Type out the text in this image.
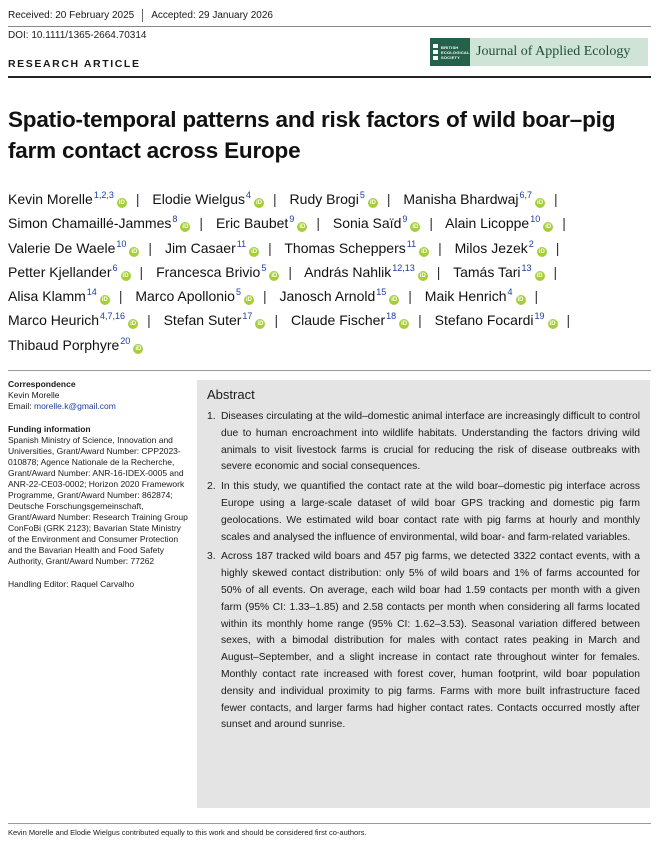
Received: 20 February 2025	Accepted: 29 January 2026
DOI: 10.1111/1365-2664.70314
BRITISH
ECOLOGICAL
SOCIETY	Journal of Applied Ecology
RESEARCH ARTICLE
Spatio-temporal patterns and risk factors of wild boar–pig farm contact across Europe
Kevin Morelle$^{1,2,3}$iD | Elodie Wielgus$^4$iD | Rudy Brogi$^5$iD | Manisha Bhardwaj$^{6,7}$iD | Simon Chamaillé-Jammes$^8$iD | Eric Baubet$^9$iD | Sonia Saïd$^9$iD | Alain Licoppe$^{10}$iD | Valerie De Waele$^{10}$iD | Jim Casaer$^{11}$iD | Thomas Scheppers$^{11}$iD | Milos Jezek$^2$iD | Petter Kjellander$^6$iD | Francesca Brivio$^5$iD | András Nahlik$^{12,13}$iD | Tamás Tari$^{13}$iD | Alisa Klamm$^{14}$iD | Marco Apollonio$^5$iD | Janosch Arnold$^{15}$iD | Maik Henrich$^4$iD | Marco Heurich$^{4,7,16}$iD | Stefan Suter$^{17}$iD | Claude Fischer$^{18}$iD | Stefano Focardi$^{19}$iD | Thibaud Porphyre$^{20}$iD
Correspondence
Kevin Morelle
Email: morelle.k@gmail.com
Funding information
Spanish Ministry of Science, Innovation and Universities, Grant/Award Number: CPP2023-010878; Agence Nationale de la Recherche, Grant/Award Number: ANR-16-IDEX-0005 and ANR-22-CE03-0002; Horizon 2020 Framework Programme, Grant/Award Number: 862874; Deutsche Forschungsgemeinschaft, Grant/Award Number: Research Training Group ConFoBi (GRK 2123); Bavarian State Ministry of the Environment and Consumer Protection and the Bavarian Health and Food Safety Authority, Grant/Award Number: 77262
Handling Editor: Raquel Carvalho
Abstract
1. Diseases circulating at the wild–domestic animal interface are increasingly difficult to control due to human encroachment into wildlife habitats. Understanding the factors driving wild animals to visit livestock farms is crucial for reducing the risk of disease outbreaks with severe economic and social consequences.
2. In this study, we quantified the contact rate at the wild boar–domestic pig interface across Europe using a large-scale dataset of wild boar GPS tracking and domestic pig farm geolocations. We estimated wild boar contact rate with pig farms at hourly and monthly scales and analysed the influence of environmental, wild boar- and farm-related variables.
3. Across 187 tracked wild boars and 457 pig farms, we detected 3322 contact events, with a highly skewed contact distribution: only 5% of wild boars and 1% of farms accounted for 50% of all events. On average, each wild boar had 1.59 contacts per month with a given farm (95% CI: 1.33–1.85) and 2.58 contacts per month when considering all farms located within its monthly home range (95% CI: 1.62–3.53). Seasonal variation differed between sexes, with a bimodal distribution for males with contact rates peaking in March and August–September, and a slight increase in contact rate throughout winter for females. Monthly contact rate increased with forest cover, human footprint, wild boar population density and individual proximity to pig farms. Farms with more built infrastructure faced fewer contacts, and larger farms had higher contact rates. Contacts occurred mostly after sunset and around sunrise.
Kevin Morelle and Elodie Wielgus contributed equally to this work and should be considered first co-authors.
